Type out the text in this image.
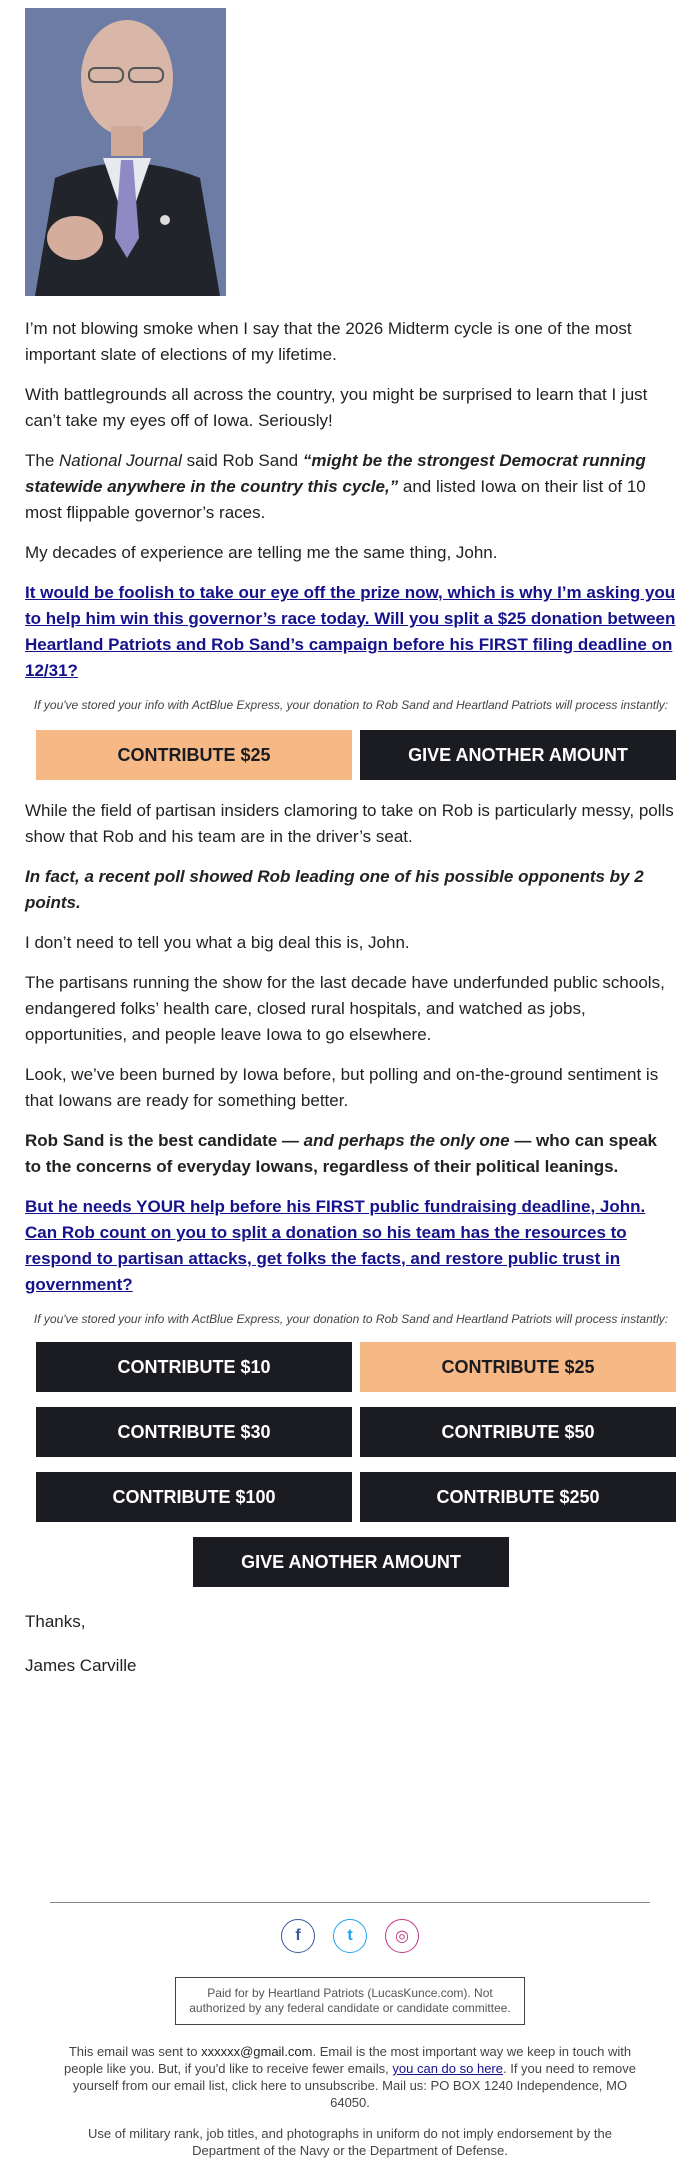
I’m not blowing smoke when I say that the 2026 Midterm cycle is one of the most important slate of elections of my lifetime.

With battlegrounds all across the country, you might be surprised to learn that I just can’t take my eyes off of Iowa. Seriously!

The National Journal said Rob Sand “might be the strongest Democrat running statewide anywhere in the country this cycle,” and listed Iowa on their list of 10 most flippable governor’s races.

My decades of experience are telling me the same thing, John.

It would be foolish to take our eye off the prize now, which is why I’m asking you to help him win this governor’s race today. Will you split a $25 donation between Heartland Patriots and Rob Sand’s campaign before his FIRST filing deadline on 12/31?

If you've stored your info with ActBlue Express, your donation to Rob Sand and Heartland Patriots will process instantly:

CONTRIBUTE $25	GIVE ANOTHER AMOUNT

While the field of partisan insiders clamoring to take on Rob is particularly messy, polls show that Rob and his team are in the driver’s seat.

In fact, a recent poll showed Rob leading one of his possible opponents by 2 points.

I don’t need to tell you what a big deal this is, John.

The partisans running the show for the last decade have underfunded public schools, endangered folks’ health care, closed rural hospitals, and watched as jobs, opportunities, and people leave Iowa to go elsewhere.

Look, we’ve been burned by Iowa before, but polling and on-the-ground sentiment is that Iowans are ready for something better.

Rob Sand is the best candidate — and perhaps the only one — who can speak to the concerns of everyday Iowans, regardless of their political leanings.

But he needs YOUR help before his FIRST public fundraising deadline, John. Can Rob count on you to split a donation so his team has the resources to respond to partisan attacks, get folks the facts, and restore public trust in government?

If you've stored your info with ActBlue Express, your donation to Rob Sand and Heartland Patriots will process instantly:

CONTRIBUTE $10	CONTRIBUTE $25
CONTRIBUTE $30	CONTRIBUTE $50
CONTRIBUTE $100	CONTRIBUTE $250
GIVE ANOTHER AMOUNT

Thanks,

James Carville

f	t	◎
Paid for by Heartland Patriots (LucasKunce.com). Not authorized by any federal candidate or candidate committee.
This email was sent to xxxxxx@gmail.com. Email is the most important way we keep in touch with people like you. But, if you'd like to receive fewer emails, you can do so here. If you need to remove yourself from our email list, click here to unsubscribe. Mail us: PO BOX 1240 Independence, MO 64050.
Use of military rank, job titles, and photographs in uniform do not imply endorsement by the Department of the Navy or the Department of Defense.
